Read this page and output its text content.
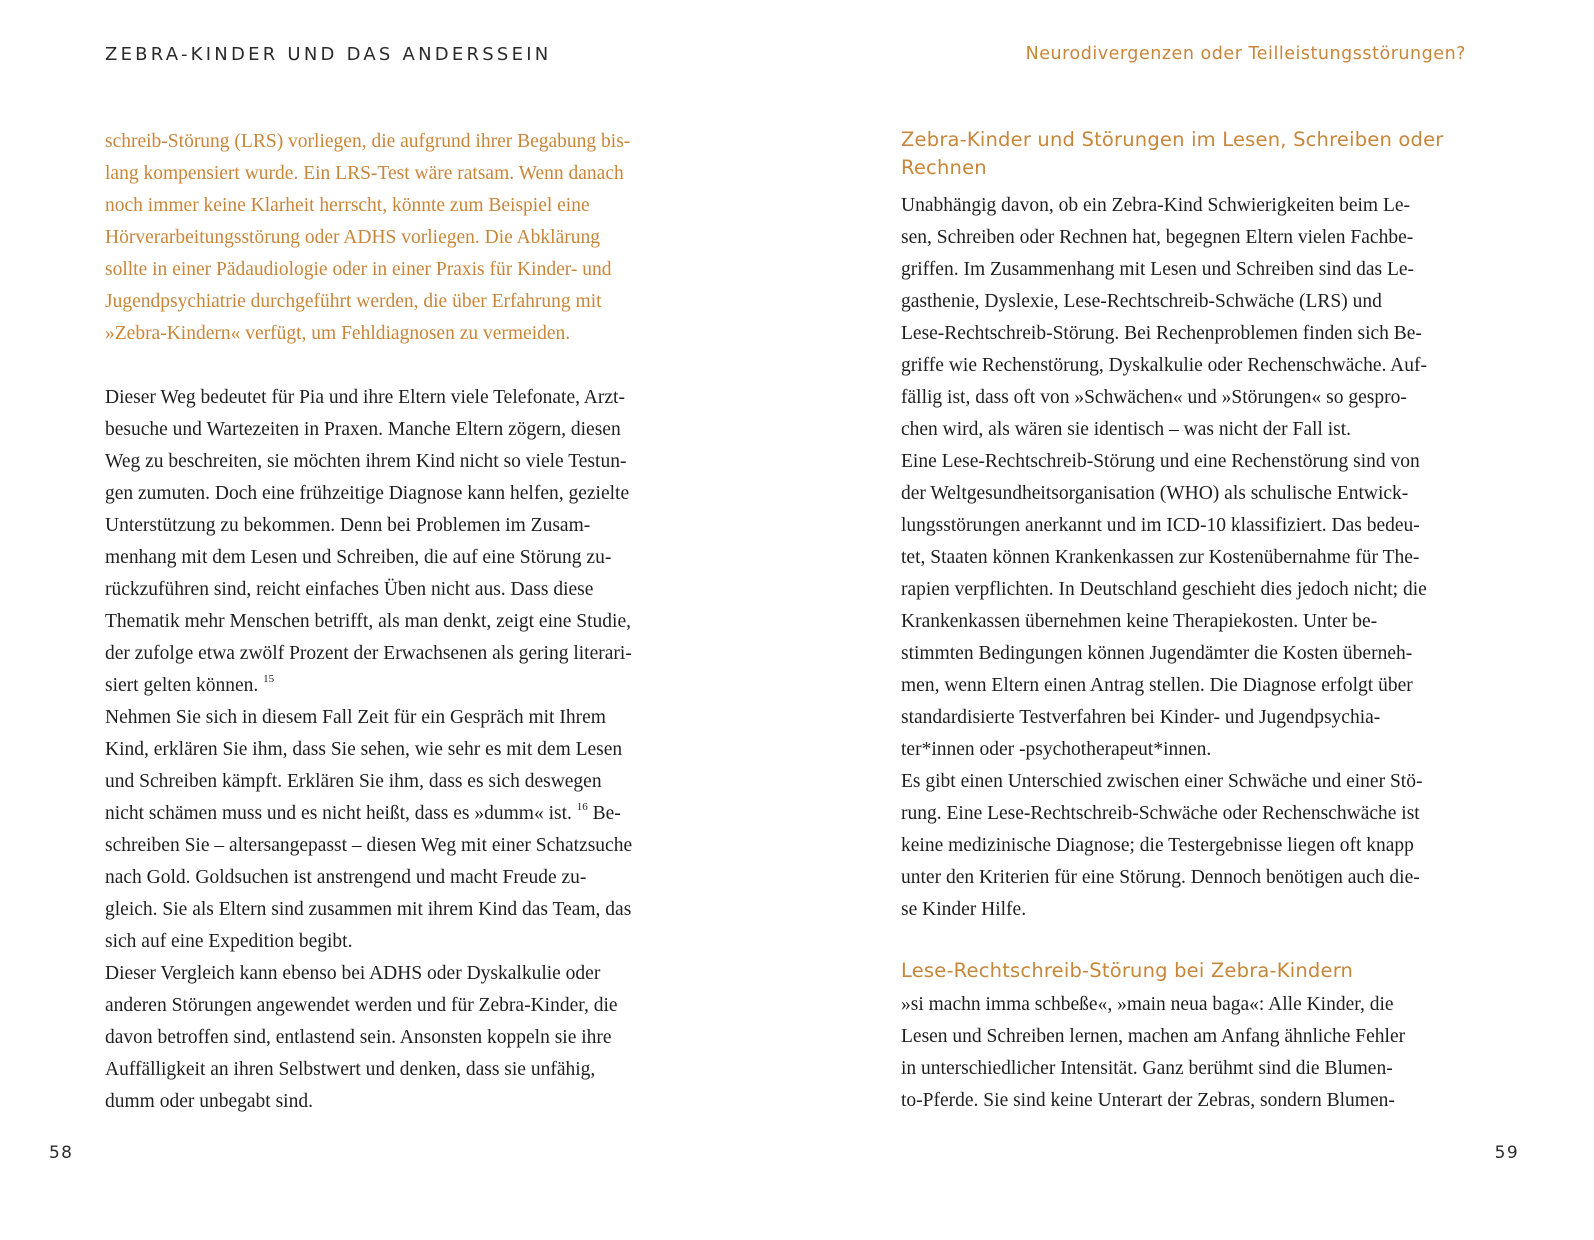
ZEBRA-KINDER UND DAS ANDERSSEIN
schreib-Störung (LRS) vorliegen, die aufgrund ihrer Begabung bis-
lang kompensiert wurde. Ein LRS-Test wäre ratsam. Wenn danach
noch immer keine Klarheit herrscht, könnte zum Beispiel eine
Hörverarbeitungsstörung oder ADHS vorliegen. Die Abklärung
sollte in einer Pädaudiologie oder in einer Praxis für Kinder- und
Jugendpsychiatrie durchgeführt werden, die über Erfahrung mit
»Zebra-Kindern« verfügt, um Fehldiagnosen zu vermeiden.
Dieser Weg bedeutet für Pia und ihre Eltern viele Telefonate, Arzt-
besuche und Wartezeiten in Praxen. Manche Eltern zögern, diesen
Weg zu beschreiten, sie möchten ihrem Kind nicht so viele Testun-
gen zumuten. Doch eine frühzeitige Diagnose kann helfen, gezielte
Unterstützung zu bekommen. Denn bei Problemen im Zusam-
menhang mit dem Lesen und Schreiben, die auf eine Störung zu-
rückzuführen sind, reicht einfaches Üben nicht aus. Dass diese
Thematik mehr Menschen betrifft, als man denkt, zeigt eine Studie,
der zufolge etwa zwölf Prozent der Erwachsenen als gering literari-
siert gelten können. $^{15}$
Nehmen Sie sich in diesem Fall Zeit für ein Gespräch mit Ihrem
Kind, erklären Sie ihm, dass Sie sehen, wie sehr es mit dem Lesen
und Schreiben kämpft. Erklären Sie ihm, dass es sich deswegen
nicht schämen muss und es nicht heißt, dass es »dumm« ist. $^{16}$ Be-
schreiben Sie – altersangepasst – diesen Weg mit einer Schatzsuche
nach Gold. Goldsuchen ist anstrengend und macht Freude zu-
gleich. Sie als Eltern sind zusammen mit ihrem Kind das Team, das
sich auf eine Expedition begibt.
Dieser Vergleich kann ebenso bei ADHS oder Dyskalkulie oder
anderen Störungen angewendet werden und für Zebra-Kinder, die
davon betroffen sind, entlastend sein. Ansonsten koppeln sie ihre
Auffälligkeit an ihren Selbstwert und denken, dass sie unfähig,
dumm oder unbegabt sind.
58
Neurodivergenzen oder Teilleistungsstörungen?
Zebra-Kinder und Störungen im Lesen, Schreiben oder
Rechnen
Unabhängig davon, ob ein Zebra-Kind Schwierigkeiten beim Le-
sen, Schreiben oder Rechnen hat, begegnen Eltern vielen Fachbe-
griffen. Im Zusammenhang mit Lesen und Schreiben sind das Le-
gasthenie, Dyslexie, Lese-Rechtschreib-Schwäche (LRS) und
Lese-Rechtschreib-Störung. Bei Rechenproblemen finden sich Be-
griffe wie Rechenstörung, Dyskalkulie oder Rechenschwäche. Auf-
fällig ist, dass oft von »Schwächen« und »Störungen« so gespro-
chen wird, als wären sie identisch – was nicht der Fall ist.
Eine Lese-Rechtschreib-Störung und eine Rechenstörung sind von
der Weltgesundheitsorganisation (WHO) als schulische Entwick-
lungsstörungen anerkannt und im ICD-10 klassifiziert. Das bedeu-
tet, Staaten können Krankenkassen zur Kostenübernahme für The-
rapien verpflichten. In Deutschland geschieht dies jedoch nicht; die
Krankenkassen übernehmen keine Therapiekosten. Unter be-
stimmten Bedingungen können Jugendämter die Kosten überneh-
men, wenn Eltern einen Antrag stellen. Die Diagnose erfolgt über
standardisierte Testverfahren bei Kinder- und Jugendpsychia-
ter*innen oder -psychotherapeut*innen.
Es gibt einen Unterschied zwischen einer Schwäche und einer Stö-
rung. Eine Lese-Rechtschreib-Schwäche oder Rechenschwäche ist
keine medizinische Diagnose; die Testergebnisse liegen oft knapp
unter den Kriterien für eine Störung. Dennoch benötigen auch die-
se Kinder Hilfe.
Lese-Rechtschreib-Störung bei Zebra-Kindern
»si machn imma schbeße«, »main neua baga«: Alle Kinder, die
Lesen und Schreiben lernen, machen am Anfang ähnliche Fehler
in unterschiedlicher Intensität. Ganz berühmt sind die Blumen-
to-Pferde. Sie sind keine Unterart der Zebras, sondern Blumen-
59
